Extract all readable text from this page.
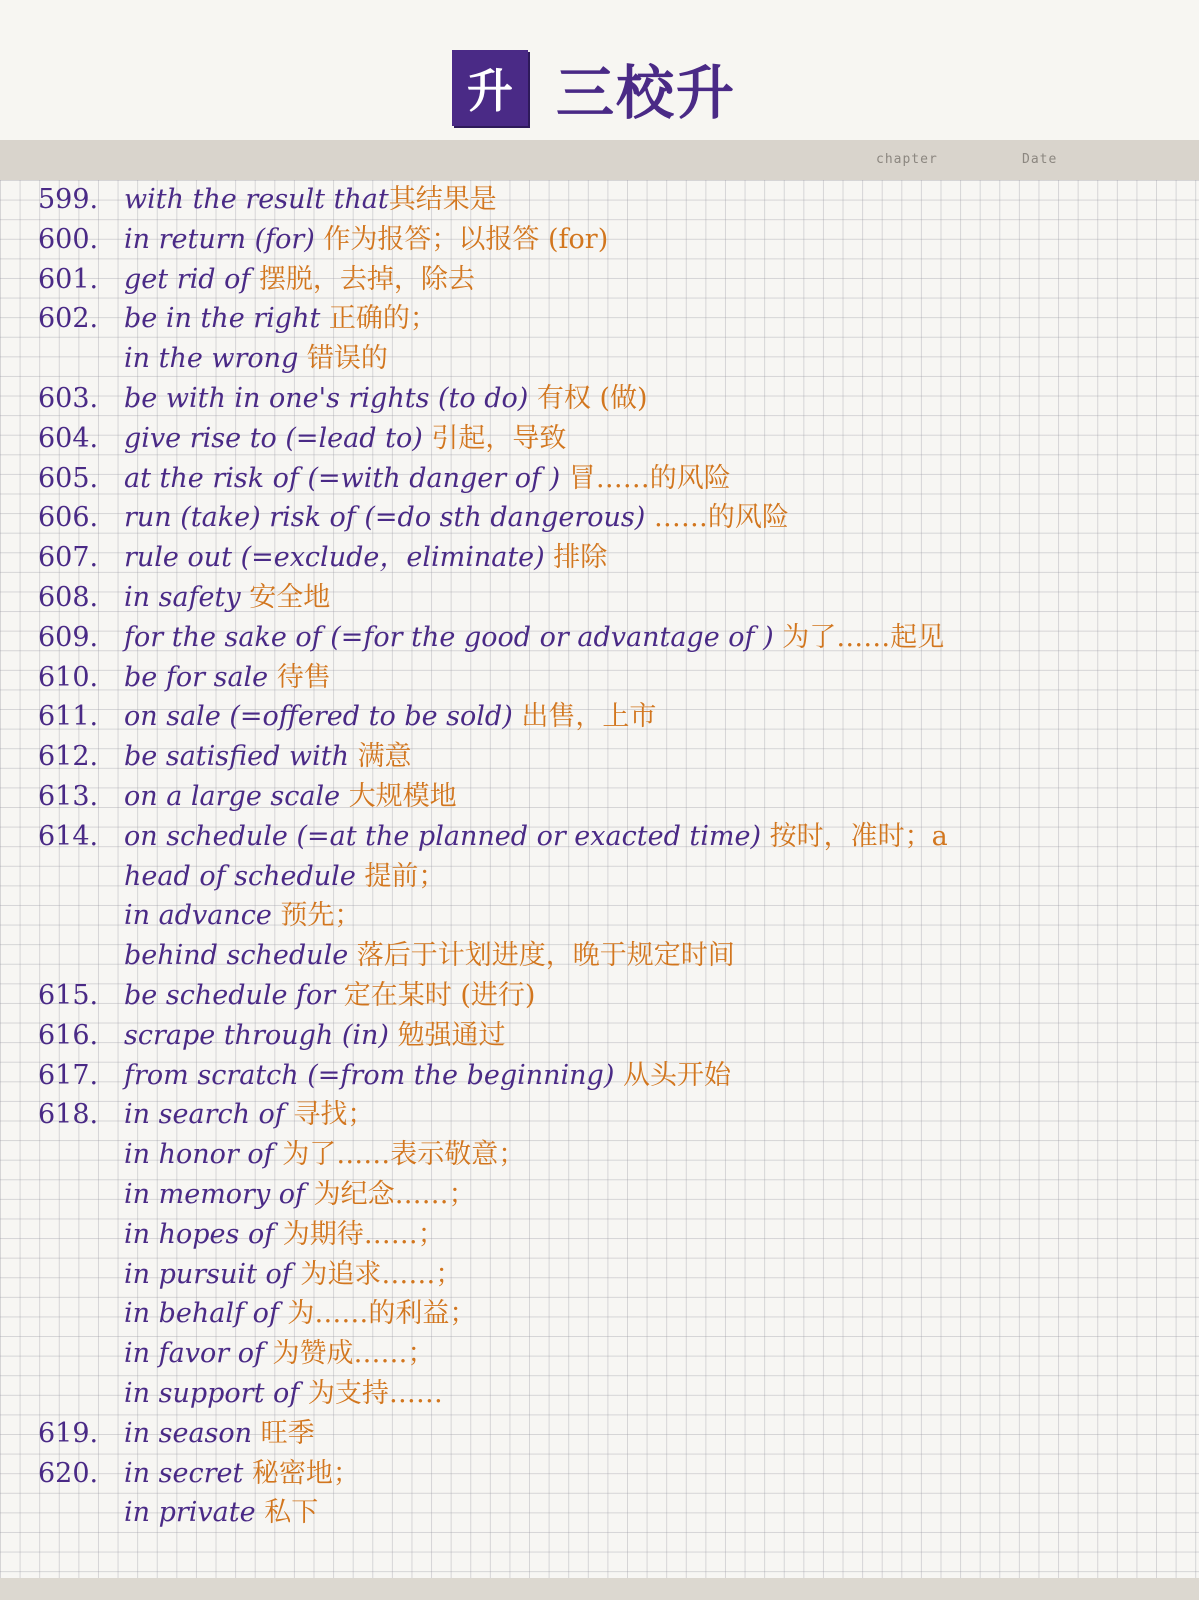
升 三校升
chapter	Date
599. with the result that其结果是
600. in return (for) 作为报答；以报答 (for)
601. get rid of 摆脱，去掉，除去
602. be in the right 正确的；
in the wrong 错误的
603. be with in one's rights (to do) 有权 (做)
604. give rise to (=lead to) 引起，导致
605. at the risk of (=with danger of ) 冒……的风险
606. run (take) risk of (=do sth dangerous) ……的风险
607. rule out (=exclude，eliminate) 排除
608. in safety 安全地
609. for the sake of (=for the good or advantage of ) 为了……起见
610. be for sale 待售
611. on sale (=offered to be sold) 出售，上市
612. be satisfied with 满意
613. on a large scale 大规模地
614. on schedule (=at the planned or exacted time) 按时，准时；a
head of schedule 提前；
in advance 预先；
behind schedule 落后于计划进度，晚于规定时间
615. be schedule for 定在某时 (进行)
616. scrape through (in) 勉强通过
617. from scratch (=from the beginning) 从头开始
618. in search of 寻找；
in honor of 为了……表示敬意；
in memory of 为纪念……；
in hopes of 为期待……；
in pursuit of 为追求……；
in behalf of 为……的利益；
in favor of 为赞成……；
in support of 为支持……
619. in season 旺季
620. in secret 秘密地；
in private 私下
